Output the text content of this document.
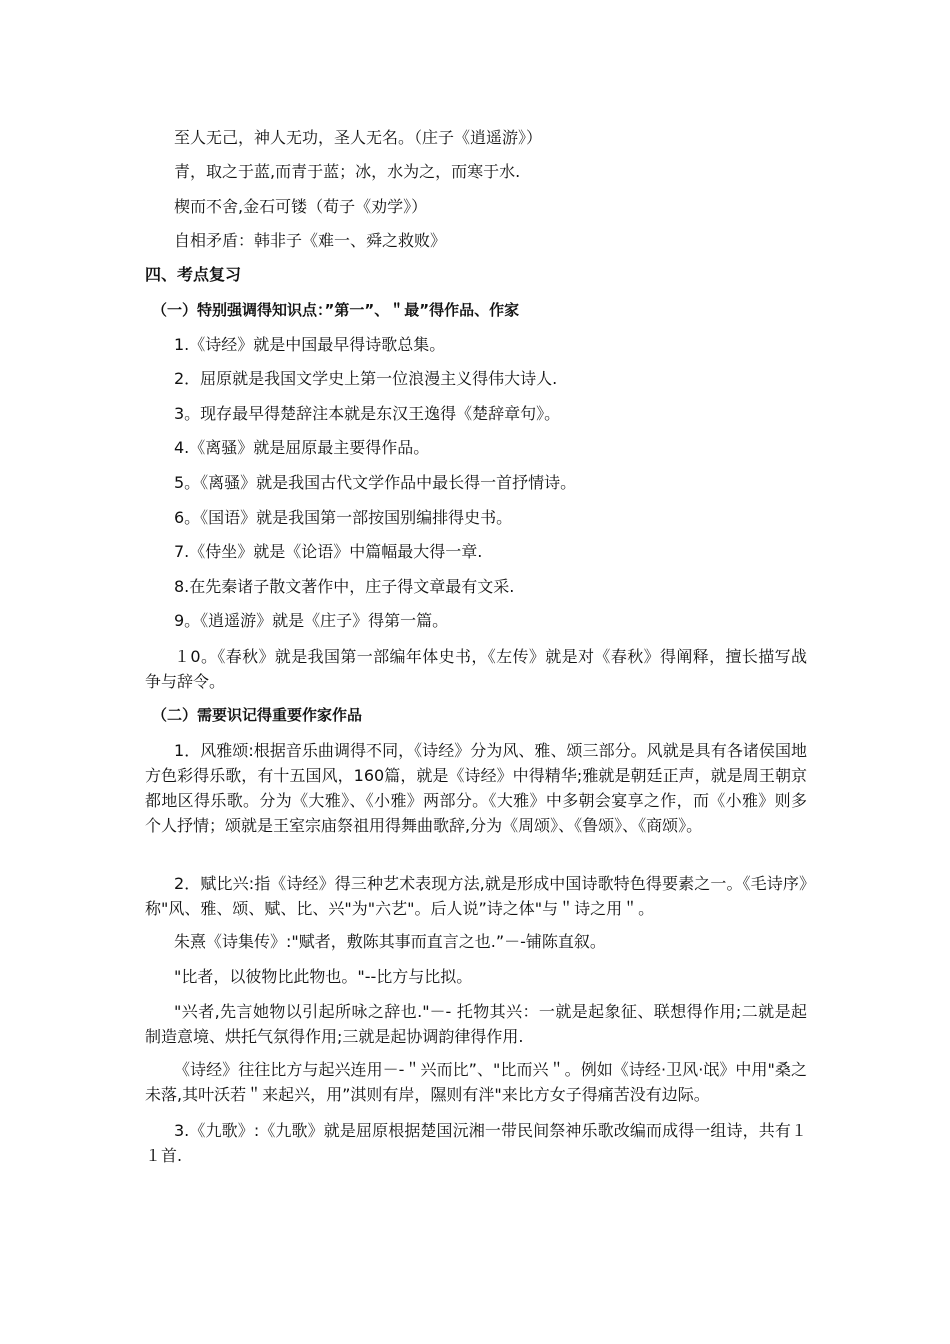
至人无己，神人无功，圣人无名。（庄子《逍遥游》）
青，取之于蓝,而青于蓝；冰，水为之，而寒于水.
楔而不舍,金石可镂（荀子《劝学》）
自相矛盾：韩非子《难一、舜之救败》
四、考点复习
（一）特别强调得知识点：”第一”、＂最”得作品、作家
1.《诗经》就是中国最早得诗歌总集。
2．屈原就是我国文学史上第一位浪漫主义得伟大诗人.
3。现存最早得楚辞注本就是东汉王逸得《楚辞章句》。
4.《离骚》就是屈原最主要得作品。
5。《离骚》就是我国古代文学作品中最长得一首抒情诗。
6。《国语》就是我国第一部按国别编排得史书。
7.《侍坐》就是《论语》中篇幅最大得一章.
8.在先秦诸子散文著作中，庄子得文章最有文采.
9。《逍遥游》就是《庄子》得第一篇。
１0。《春秋》就是我国第一部编年体史书，《左传》就是对《春秋》得阐释，擅长描写战争与辞令。
（二）需要识记得重要作家作品
1．风雅颂:根据音乐曲调得不同，《诗经》分为风、雅、颂三部分。风就是具有各诸侯国地方色彩得乐歌，有十五国风，160篇，就是《诗经》中得精华;雅就是朝廷正声，就是周王朝京都地区得乐歌。分为《大雅》、《小雅》两部分。《大雅》中多朝会宴享之作，而《小雅》则多个人抒情；颂就是王室宗庙祭祖用得舞曲歌辞,分为《周颂》、《鲁颂》、《商颂》。
2．赋比兴:指《诗经》得三种艺术表现方法,就是形成中国诗歌特色得要素之一。《毛诗序》称"风、雅、颂、赋、比、兴"为"六艺"。后人说”诗之体"与＂诗之用＂。
朱熹《诗集传》:"赋者，敷陈其事而直言之也.”－-铺陈直叙。
"比者，以彼物比此物也。"--比方与比拟。
"兴者,先言她物以引起所咏之辞也."－- 托物其兴：一就是起象征、联想得作用;二就是起制造意境、烘托气氛得作用;三就是起协调韵律得作用.
《诗经》往往比方与起兴连用－-＂兴而比”、"比而兴＂。例如《诗经·卫风·氓》中用"桑之未落,其叶沃若＂来起兴，用”淇则有岸，隰则有泮"来比方女子得痛苦没有边际。
3.《九歌》:《九歌》就是屈原根据楚国沅湘一带民间祭神乐歌改编而成得一组诗，共有１１首.
